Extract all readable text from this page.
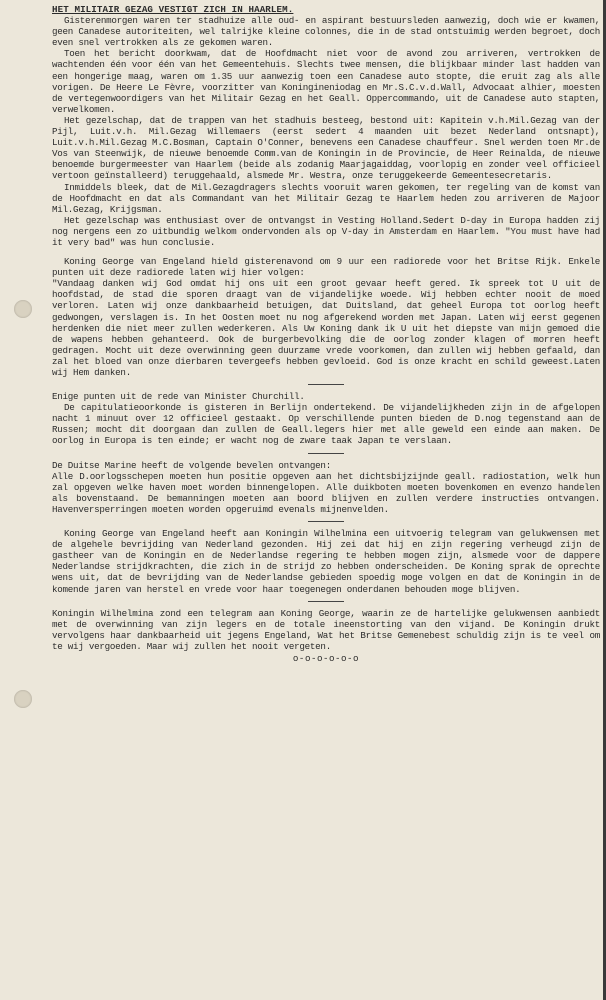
HET MILITAIR GEZAG VESTIGT ZICH IN HAARLEM.

Gisterenmorgen waren ter stadhuize alle oud- en aspirant bestuursleden aanwezig, doch wie er kwamen, geen Canadese autoriteiten, wel talrijke kleine colonnes, die in de stad ontstuimig werden begroet, doch even snel vertrokken als ze gekomen waren.

Toen het bericht doorkwam, dat de Hoofdmacht niet voor de avond zou arriveren, vertrokken de wachtenden één voor één van het Gemeentehuis. Slechts twee mensen, die blijkbaar minder last hadden van een hongerige maag, waren om 1.35 uur aanwezig toen een Canadese auto stopte, die eruit zag als alle vorigen. De Heere Le Fèvre, voorzitter van Koningineniodag en Mr.S.C.v.d.Wall, Advocaat alhier, moesten de vertegenwoordigers van het Militair Gezag en het Geall. Oppercommando, uit de Canadese auto stapten, verwelkomen.

Het gezelschap, dat de trappen van het stadhuis besteeg, bestond uit: Kapitein v.h.Mil.Gezag van der Pijl, Luit.v.h. Mil.Gezag Willemaers (eerst sedert 4 maanden uit bezet Nederland ontsnapt), Luit.v.h.Mil.Gezag M.C.Bosman, Captain O'Conner, benevens een Canadese chauffeur. Snel werden toen Mr.de Vos van Steenwijk, de nieuwe benoemde Comm.van de Koningin in de Provincie, de Heer Reinalda, de nieuwe benoemde burgermeester van Haarlem (beide als zodanig Maarjagaiddag, voorlopig en zonder veel officieel vertoon geïnstalleerd) teruggehaald, alsmede Mr. Westra, onze teruggekeerde Gemeentesecretaris.

Inmiddels bleek, dat de Mil.Gezagdragers slechts vooruit waren gekomen, ter regeling van de komst van de Hoofdmacht en dat als Commandant van het Militair Gezag te Haarlem heden zou arriveren de Majoor Mil.Gezag, Krijgsman.

Het gezelschap was enthusiast over de ontvangst in Vesting Holland.Sedert D-day in Europa hadden zij nog nergens een zo uitbundig welkom ondervonden als op V-day in Amsterdam en Haarlem. "You must have had it very bad" was hun conclusie.

Koning George van Engeland hield gisterenavond om 9 uur een radiorede voor het Britse Rijk. Enkele punten uit deze radiorede laten wij hier volgen:

"Vandaag danken wij God omdat hij ons uit een groot gevaar heeft gered. Ik spreek tot U uit de hoofdstad, de stad die sporen draagt van de vijandelijke woede. Wij hebben echter nooit de moed verloren. Laten wij onze dankbaarheid betuigen, dat Duitsland, dat geheel Europa tot oorlog heeft gedwongen, verslagen is. In het Oosten moet nu nog afgerekend worden met Japan. Laten wij eerst gegenen herdenken die niet meer zullen wederkeren. Als Uw Koning dank ik U uit het diepste van mijn gemoed die de wapens hebben gehanteerd. Ook de burgerbevolking die de oorlog zonder klagen of morren heeft gedragen. Mocht uit deze overwinning geen duurzame vrede voorkomen, dan zullen wij hebben gefaald, dan zal het bloed van onze dierbaren tevergeefs hebben gevloeid. God is onze kracht en schild geweest.Laten wij Hem danken.

Enige punten uit de rede van Minister Churchill.

De capitulatieoorkonde is gisteren in Berlijn ondertekend. De vijandelijkheden zijn in de afgelopen nacht 1 minuut over 12 officieel gestaakt. Op verschillende punten bieden de D.nog tegenstand aan de Russen; mocht dit doorgaan dan zullen de Geall.legers hier met alle geweld een einde aan maken. De oorlog in Europa is ten einde; er wacht nog de zware taak Japan te verslaan.

De Duitse Marine heeft de volgende bevelen ontvangen:

Alle D.oorlogsschepen moeten hun positie opgeven aan het dichtsbijzijnde geall. radiostation, welk hun zal opgeven welke haven moet worden binnengelopen. Alle duikboten moeten bovenkomen en evenzo handelen als bovenstaand. De bemanningen moeten aan boord blijven en zullen verdere instructies ontvangen. Havenversperringen moeten worden opgeruimd evenals mijnenvelden.

Koning George van Engeland heeft aan Koningin Wilhelmina een uitvoerig telegram van gelukwensen met de algehele bevrijding van Nederland gezonden. Hij zei dat hij en zijn regering verheugd zijn de gastheer van de Koningin en de Nederlandse regering te hebben mogen zijn, alsmede voor de dappere Nederlandse strijdkrachten, die zich in de strijd zo hebben onderscheiden. De Koning sprak de oprechte wens uit, dat de bevrijding van de Nederlandse gebieden spoedig moge volgen en dat de Koningin in de komende jaren van herstel en vrede voor haar toegenegen onderdanen behouden moge blijven.

Koningin Wilhelmina zond een telegram aan Koning George, waarin ze de hartelijke gelukwensen aanbiedt met de overwinning van zijn legers en de totale ineenstorting van den vijand. De Koningin drukt vervolgens haar dankbaarheid uit jegens Engeland, Wat het Britse Gemenebest schuldig zijn is te veel om te wij vergoeden. Maar wij zullen het nooit vergeten.

o-o-o-o-o-o
